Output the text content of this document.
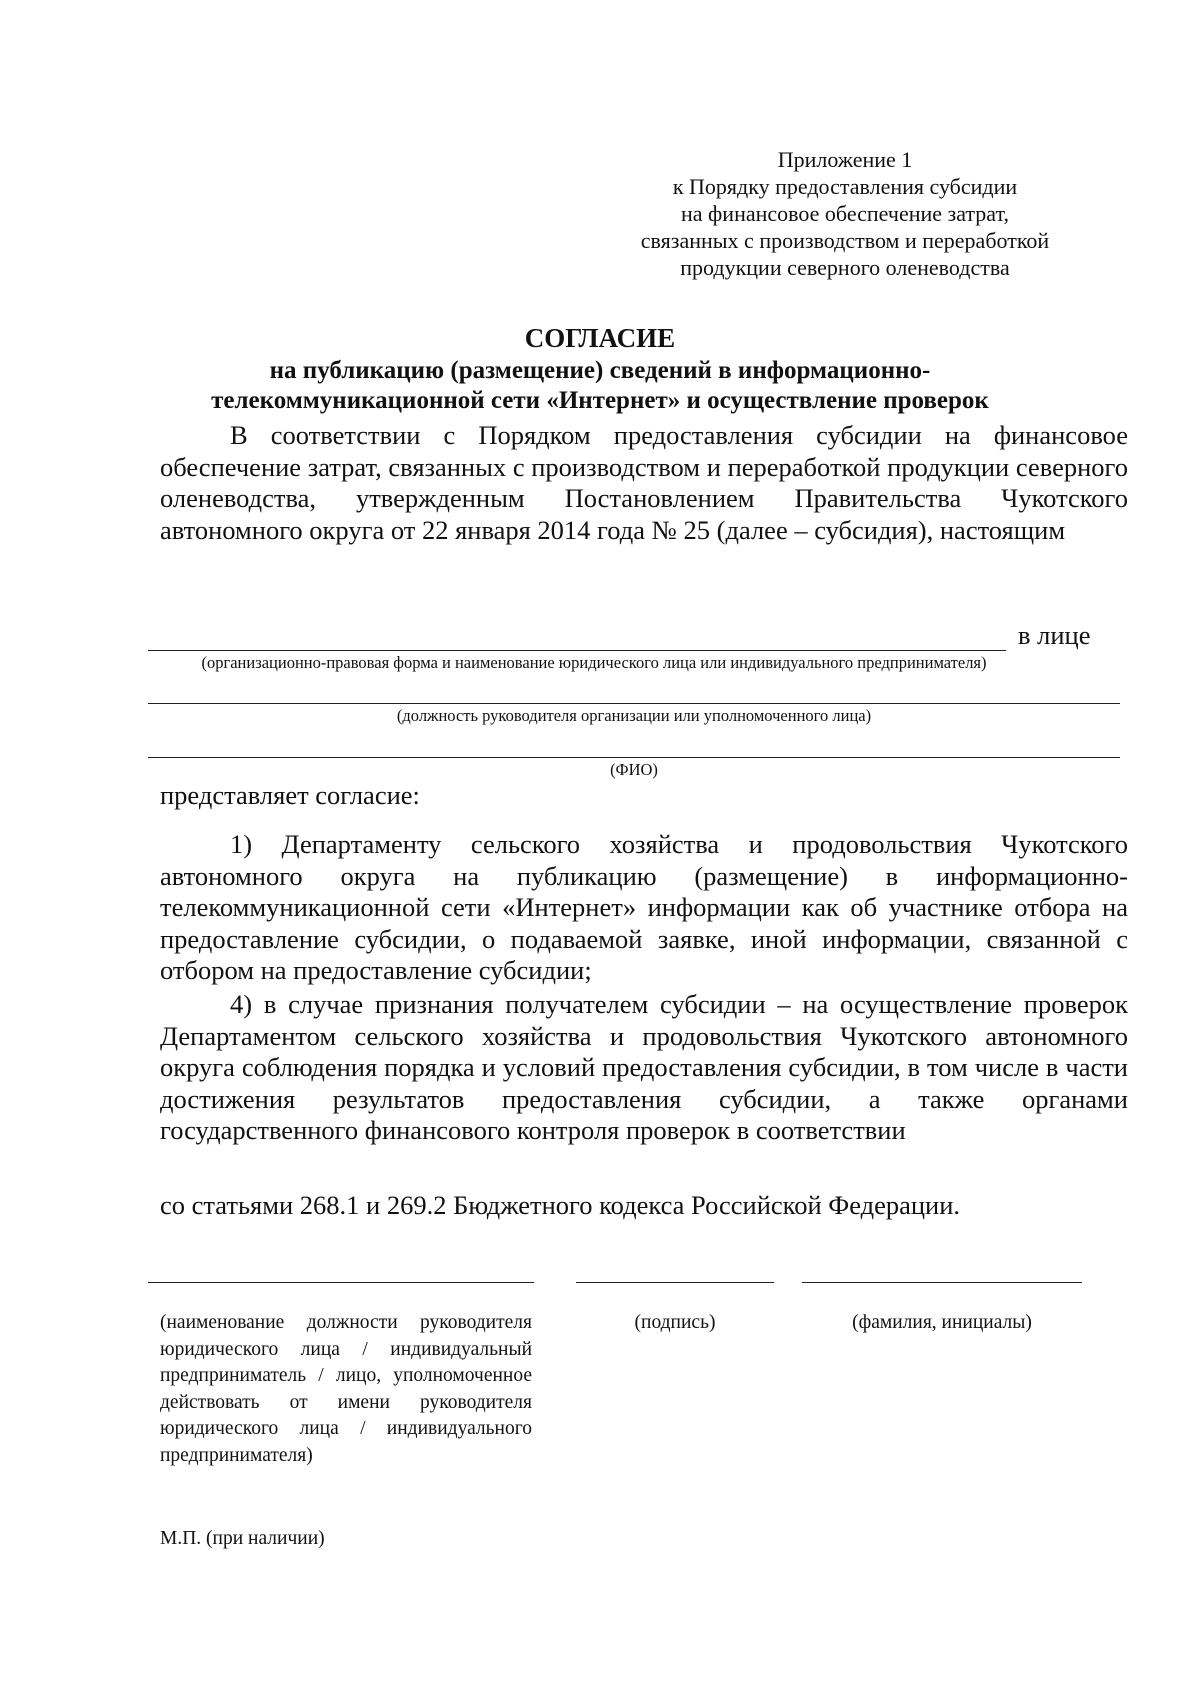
Приложение 1
к Порядку предоставления субсидии
на финансовое обеспечение затрат,
связанных с производством и переработкой
продукции северного оленеводства
СОГЛАСИЕ
на публикацию (размещение) сведений в информационно-
телекоммуникационной сети «Интернет» и осуществление проверок
В соответствии с Порядком предоставления субсидии на финансовое обеспечение затрат, связанных с производством и переработкой продукции северного оленеводства, утвержденным Постановлением Правительства Чукотского автономного округа от 22 января 2014 года № 25 (далее – субсидия), настоящим
в лице
(организационно-правовая форма и наименование юридического лица или индивидуального предпринимателя)
(должность руководителя организации или уполномоченного лица)
(ФИО)
представляет согласие:
1) Департаменту сельского хозяйства и продовольствия Чукотского автономного округа на публикацию (размещение) в информационно-телекоммуникационной сети «Интернет» информации как об участнике отбора на предоставление субсидии, о подаваемой заявке, иной информации, связанной с отбором на предоставление субсидии;
4) в случае признания получателем субсидии – на осуществление проверок Департаментом сельского хозяйства и продовольствия Чукотского автономного округа соблюдения порядка и условий предоставления субсидии, в том числе в части достижения результатов предоставления субсидии, а также органами государственного финансового контроля проверок в соответствии
со статьями 268.1 и 269.2 Бюджетного кодекса Российской Федерации.
(наименование должности руководителя юридического лица / индивидуальный предприниматель / лицо, уполномоченное действовать от имени руководителя юридического лица / индивидуального предпринимателя)
(подпись)	(фамилия, инициалы)
М.П. (при наличии)
